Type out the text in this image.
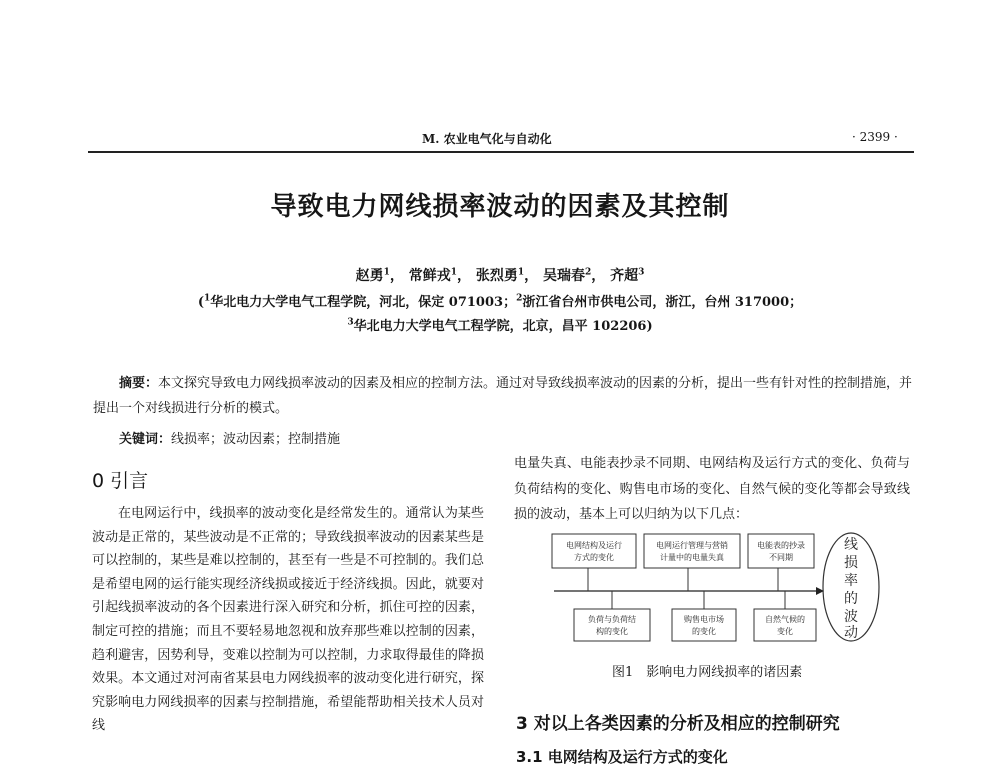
M. 农业电气化与自动化	· 2399 ·
导致电力网线损率波动的因素及其控制
赵勇$^1$， 常鲜戎$^1$， 张烈勇$^1$， 吴瑞春$^2$， 齐超$^3$
($^1$华北电力大学电气工程学院，河北，保定 071003；$^2$浙江省台州市供电公司，浙江，台州 317000；
$^3$华北电力大学电气工程学院，北京，昌平 102206)

摘要：本文探究导致电力网线损率波动的因素及相应的控制方法。通过对导致线损率波动的因素的分析，提出一些有针对性的控制措施，并提出一个对线损进行分析的模式。

关键词：线损率；波动因素；控制措施
0 引言

在电网运行中，线损率的波动变化是经常发生的。通常认为某些波动是正常的，某些波动是不正常的；导致线损率波动的因素某些是可以控制的，某些是难以控制的，甚至有一些是不可控制的。我们总是希望电网的运行能实现经济线损或接近于经济线损。因此，就要对引起线损率波动的各个因素进行深入研究和分析，抓住可控的因素，制定可控的措施；而且不要轻易地忽视和放弃那些难以控制的因素，趋利避害，因势利导，变难以控制为可以控制，力求取得最佳的降损效果。本文通过对河南省某县电力网线损率的波动变化进行研究，探究影响电力网线损率的因素与控制措施，希望能帮助相关技术人员对线

电量失真、电能表抄录不同期、电网结构及运行方式的变化、负荷与负荷结构的变化、购售电市场的变化、自然气候的变化等都会导致线损的波动，基本上可以归纳为以下几点：
电网结构及运行
方式的变化
电网运行管理与营销
计量中的电量失真
电能表的抄录
不同期
负荷与负荷结
构的变化
购售电市场
的变化
自然气候的
变化
线
损
率
的
波
动
图1　影响电力网线损率的诸因素
3 对以上各类因素的分析及相应的控制研究
3.1 电网结构及运行方式的变化
